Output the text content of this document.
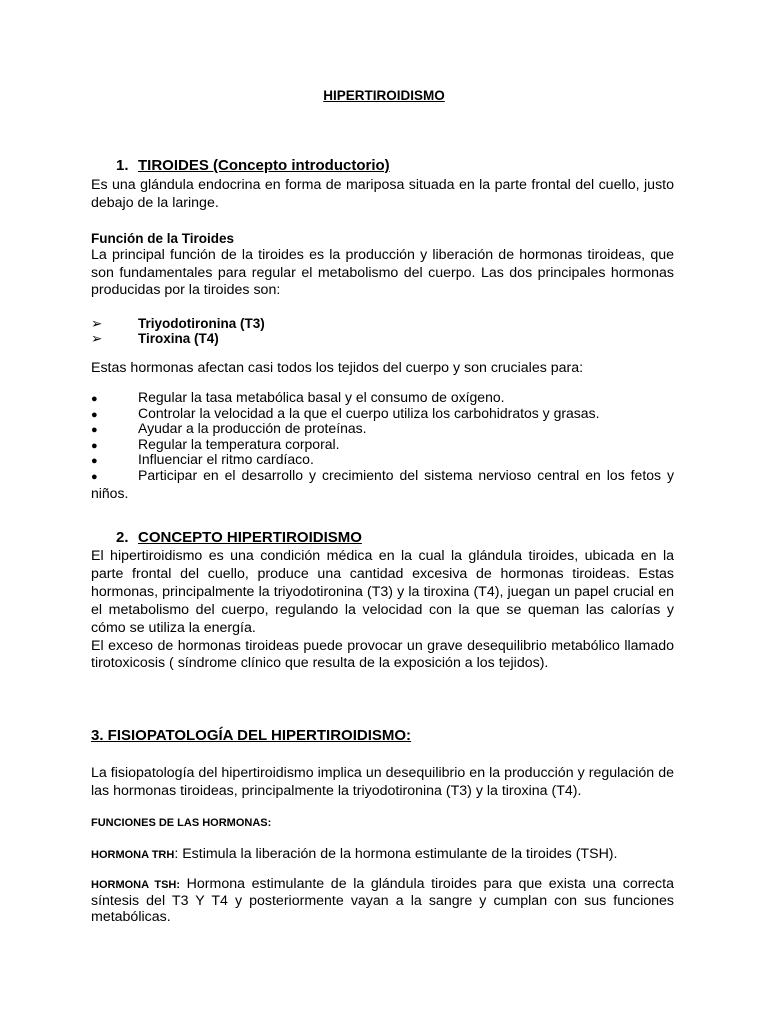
HIPERTIROIDISMO
1. TIROIDES (Concepto introductorio)
Es una glándula endocrina en forma de mariposa situada en la parte frontal del cuello, justo debajo de la laringe.
Función de la Tiroides
La principal función de la tiroides es la producción y liberación de hormonas tiroideas, que son fundamentales para regular el metabolismo del cuerpo. Las dos principales hormonas producidas por la tiroides son:
➢	Triyodotironina (T3)
➢	Tiroxina (T4)
Estas hormonas afectan casi todos los tejidos del cuerpo y son cruciales para:
●	Regular la tasa metabólica basal y el consumo de oxígeno.
●	Controlar la velocidad a la que el cuerpo utiliza los carbohidratos y grasas.
●	Ayudar a la producción de proteínas.
●	Regular la temperatura corporal.
●	Influenciar el ritmo cardíaco.
●	Participar en el desarrollo y crecimiento del sistema nervioso central en los fetos y niños.
2. CONCEPTO HIPERTIROIDISMO
El hipertiroidismo es una condición médica en la cual la glándula tiroides, ubicada en la parte frontal del cuello, produce una cantidad excesiva de hormonas tiroideas. Estas hormonas, principalmente la triyodotironina (T3) y la tiroxina (T4), juegan un papel crucial en el metabolismo del cuerpo, regulando la velocidad con la que se queman las calorías y cómo se utiliza la energía.
El exceso de hormonas tiroideas puede provocar un grave desequilibrio metabólico llamado tirotoxicosis ( síndrome clínico que resulta de la exposición a los tejidos).
3. FISIOPATOLOGÍA DEL HIPERTIROIDISMO:
La fisiopatología del hipertiroidismo implica un desequilibrio en la producción y regulación de las hormonas tiroideas, principalmente la triyodotironina (T3) y la tiroxina (T4).
FUNCIONES DE LAS HORMONAS:
HORMONA TRH: Estimula la liberación de la hormona estimulante de la tiroides (TSH).
HORMONA TSH: Hormona estimulante de la glándula tiroides para que exista una correcta síntesis del T3 Y T4 y posteriormente vayan a la sangre y cumplan con sus funciones metabólicas.
